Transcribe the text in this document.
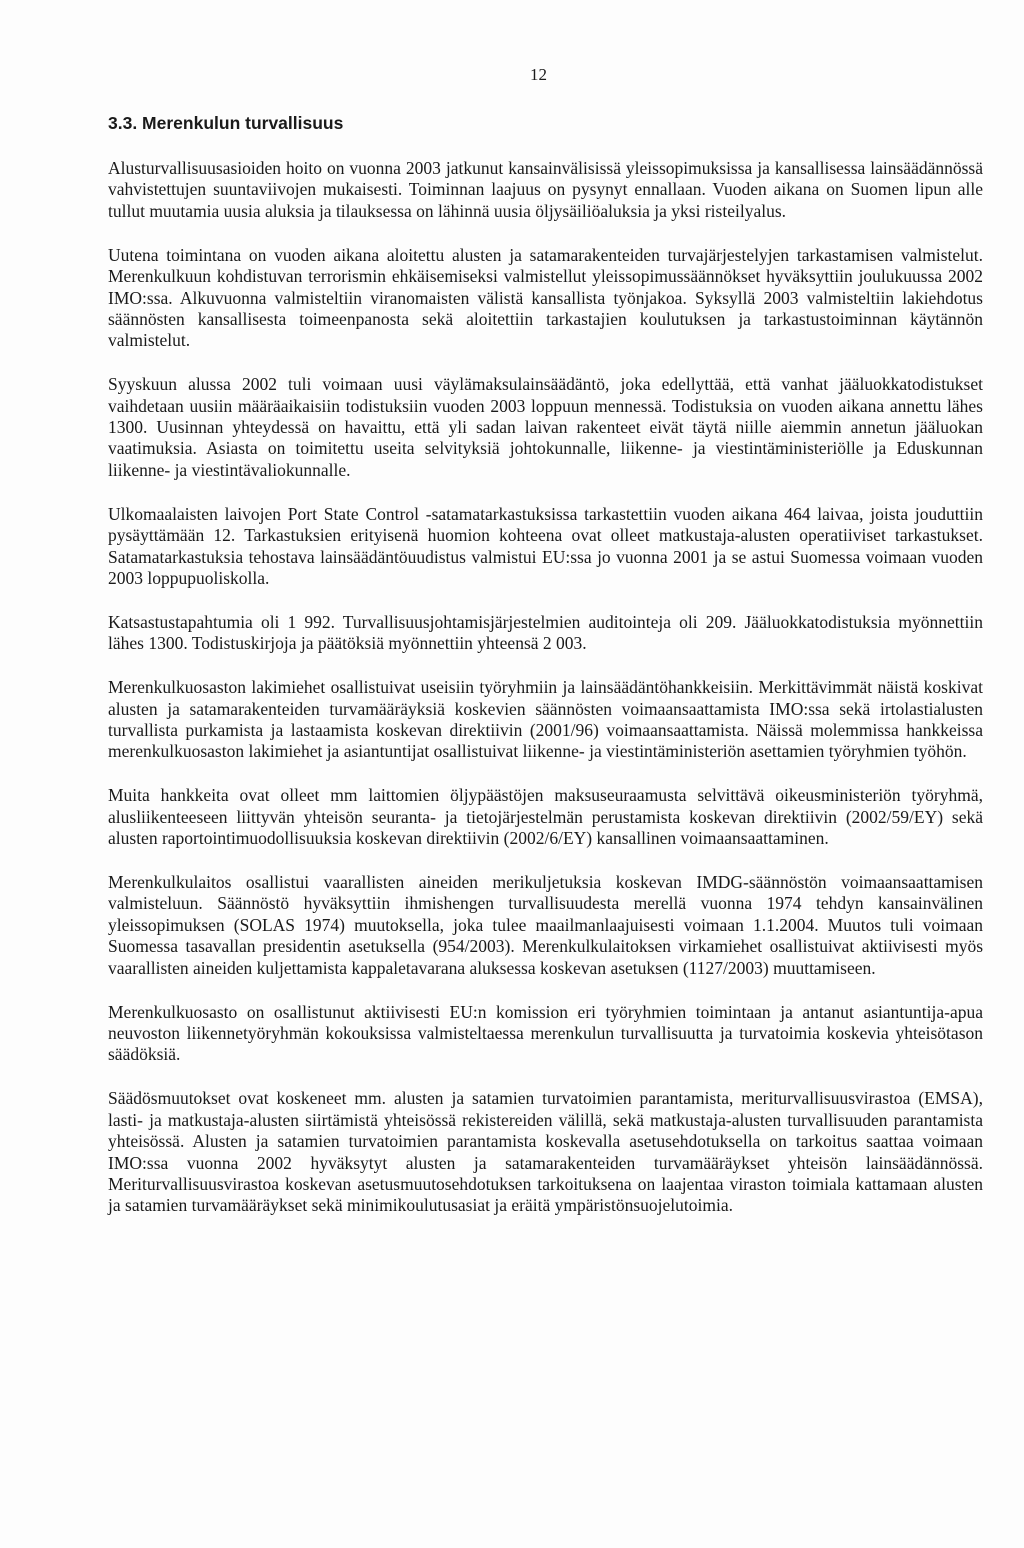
12
3.3. Merenkulun turvallisuus

Alusturvallisuusasioiden hoito on vuonna 2003 jatkunut kansainvälisissä yleissopimuksissa ja kansallisessa lainsäädännössä vahvistettujen suuntaviivojen mukaisesti. Toiminnan laajuus on pysynyt ennallaan. Vuoden aikana on Suomen lipun alle tullut muutamia uusia aluksia ja tilauksessa on lähinnä uusia öljysäiliöaluksia ja yksi risteilyalus.

Uutena toimintana on vuoden aikana aloitettu alusten ja satamarakenteiden turvajärjestelyjen tarkastamisen valmistelut. Merenkulkuun kohdistuvan terrorismin ehkäisemiseksi valmistellut yleissopimussäännökset hyväksyttiin joulukuussa 2002 IMO:ssa. Alkuvuonna valmisteltiin viranomaisten välistä kansallista työnjakoa. Syksyllä 2003 valmisteltiin lakiehdotus säännösten kansallisesta toimeenpanosta sekä aloitettiin tarkastajien koulutuksen ja tarkastustoiminnan käytännön valmistelut.

Syyskuun alussa 2002 tuli voimaan uusi väylämaksulainsäädäntö, joka edellyttää, että vanhat jääluokkatodistukset vaihdetaan uusiin määräaikaisiin todistuksiin vuoden 2003 loppuun mennessä. Todistuksia on vuoden aikana annettu lähes 1300. Uusinnan yhteydessä on havaittu, että yli sadan laivan rakenteet eivät täytä niille aiemmin annetun jääluokan vaatimuksia. Asiasta on toimitettu useita selvityksiä johtokunnalle, liikenne- ja viestintäministeriölle ja Eduskunnan liikenne- ja viestintävaliokunnalle.

Ulkomaalaisten laivojen Port State Control -satamatarkastuksissa tarkastettiin vuoden aikana 464 laivaa, joista jouduttiin pysäyttämään 12. Tarkastuksien erityisenä huomion kohteena ovat olleet matkustaja-alusten operatiiviset tarkastukset. Satamatarkastuksia tehostava lainsäädäntöuudistus valmistui EU:ssa jo vuonna 2001 ja se astui Suomessa voimaan vuoden 2003 loppupuoliskolla.

Katsastustapahtumia oli 1 992. Turvallisuusjohtamisjärjestelmien auditointeja oli 209. Jääluokkatodistuksia myönnettiin lähes 1300. Todistuskirjoja ja päätöksiä myönnettiin yhteensä 2 003.

Merenkulkuosaston lakimiehet osallistuivat useisiin työryhmiin ja lainsäädäntöhankkeisiin. Merkittävimmät näistä koskivat alusten ja satamarakenteiden turvamääräyksiä koskevien säännösten voimaansaattamista IMO:ssa sekä irtolastialusten turvallista purkamista ja lastaamista koskevan direktiivin (2001/96) voimaansaattamista. Näissä molemmissa hankkeissa merenkulkuosaston lakimiehet ja asiantuntijat osallistuivat liikenne- ja viestintäministeriön asettamien työryhmien työhön.

Muita hankkeita ovat olleet mm laittomien öljypäästöjen maksuseuraamusta selvittävä oikeusministeriön työryhmä, alusliikenteeseen liittyvän yhteisön seuranta- ja tietojärjestelmän perustamista koskevan direktiivin (2002/59/EY) sekä alusten raportointimuodollisuuksia koskevan direktiivin (2002/6/EY) kansallinen voimaansaattaminen.

Merenkulkulaitos osallistui vaarallisten aineiden merikuljetuksia koskevan IMDG-säännöstön voimaansaattamisen valmisteluun. Säännöstö hyväksyttiin ihmishengen turvallisuudesta merellä vuonna 1974 tehdyn kansainvälinen yleissopimuksen (SOLAS 1974) muutoksella, joka tulee maailmanlaajuisesti voimaan 1.1.2004. Muutos tuli voimaan Suomessa tasavallan presidentin asetuksella (954/2003). Merenkulkulaitoksen virkamiehet osallistuivat aktiivisesti myös vaarallisten aineiden kuljettamista kappaletavarana aluksessa koskevan asetuksen (1127/2003) muuttamiseen.

Merenkulkuosasto on osallistunut aktiivisesti EU:n komission eri työryhmien toimintaan ja antanut asiantuntija-apua neuvoston liikennetyöryhmän kokouksissa valmisteltaessa merenkulun turvallisuutta ja turvatoimia koskevia yhteisötason säädöksiä.

Säädösmuutokset ovat koskeneet mm. alusten ja satamien turvatoimien parantamista, meriturvallisuusvirastoa (EMSA), lasti- ja matkustaja-alusten siirtämistä yhteisössä rekistereiden välillä, sekä matkustaja-alusten turvallisuuden parantamista yhteisössä. Alusten ja satamien turvatoimien parantamista koskevalla asetusehdotuksella on tarkoitus saattaa voimaan IMO:ssa vuonna 2002 hyväksytyt alusten ja satamarakenteiden turvamääräykset yhteisön lainsäädännössä. Meriturvallisuusvirastoa koskevan asetusmuutosehdotuksen tarkoituksena on laajentaa viraston toimiala kattamaan alusten ja satamien turvamääräykset sekä minimikoulutusasiat ja eräitä ympäristönsuojelutoimia.
